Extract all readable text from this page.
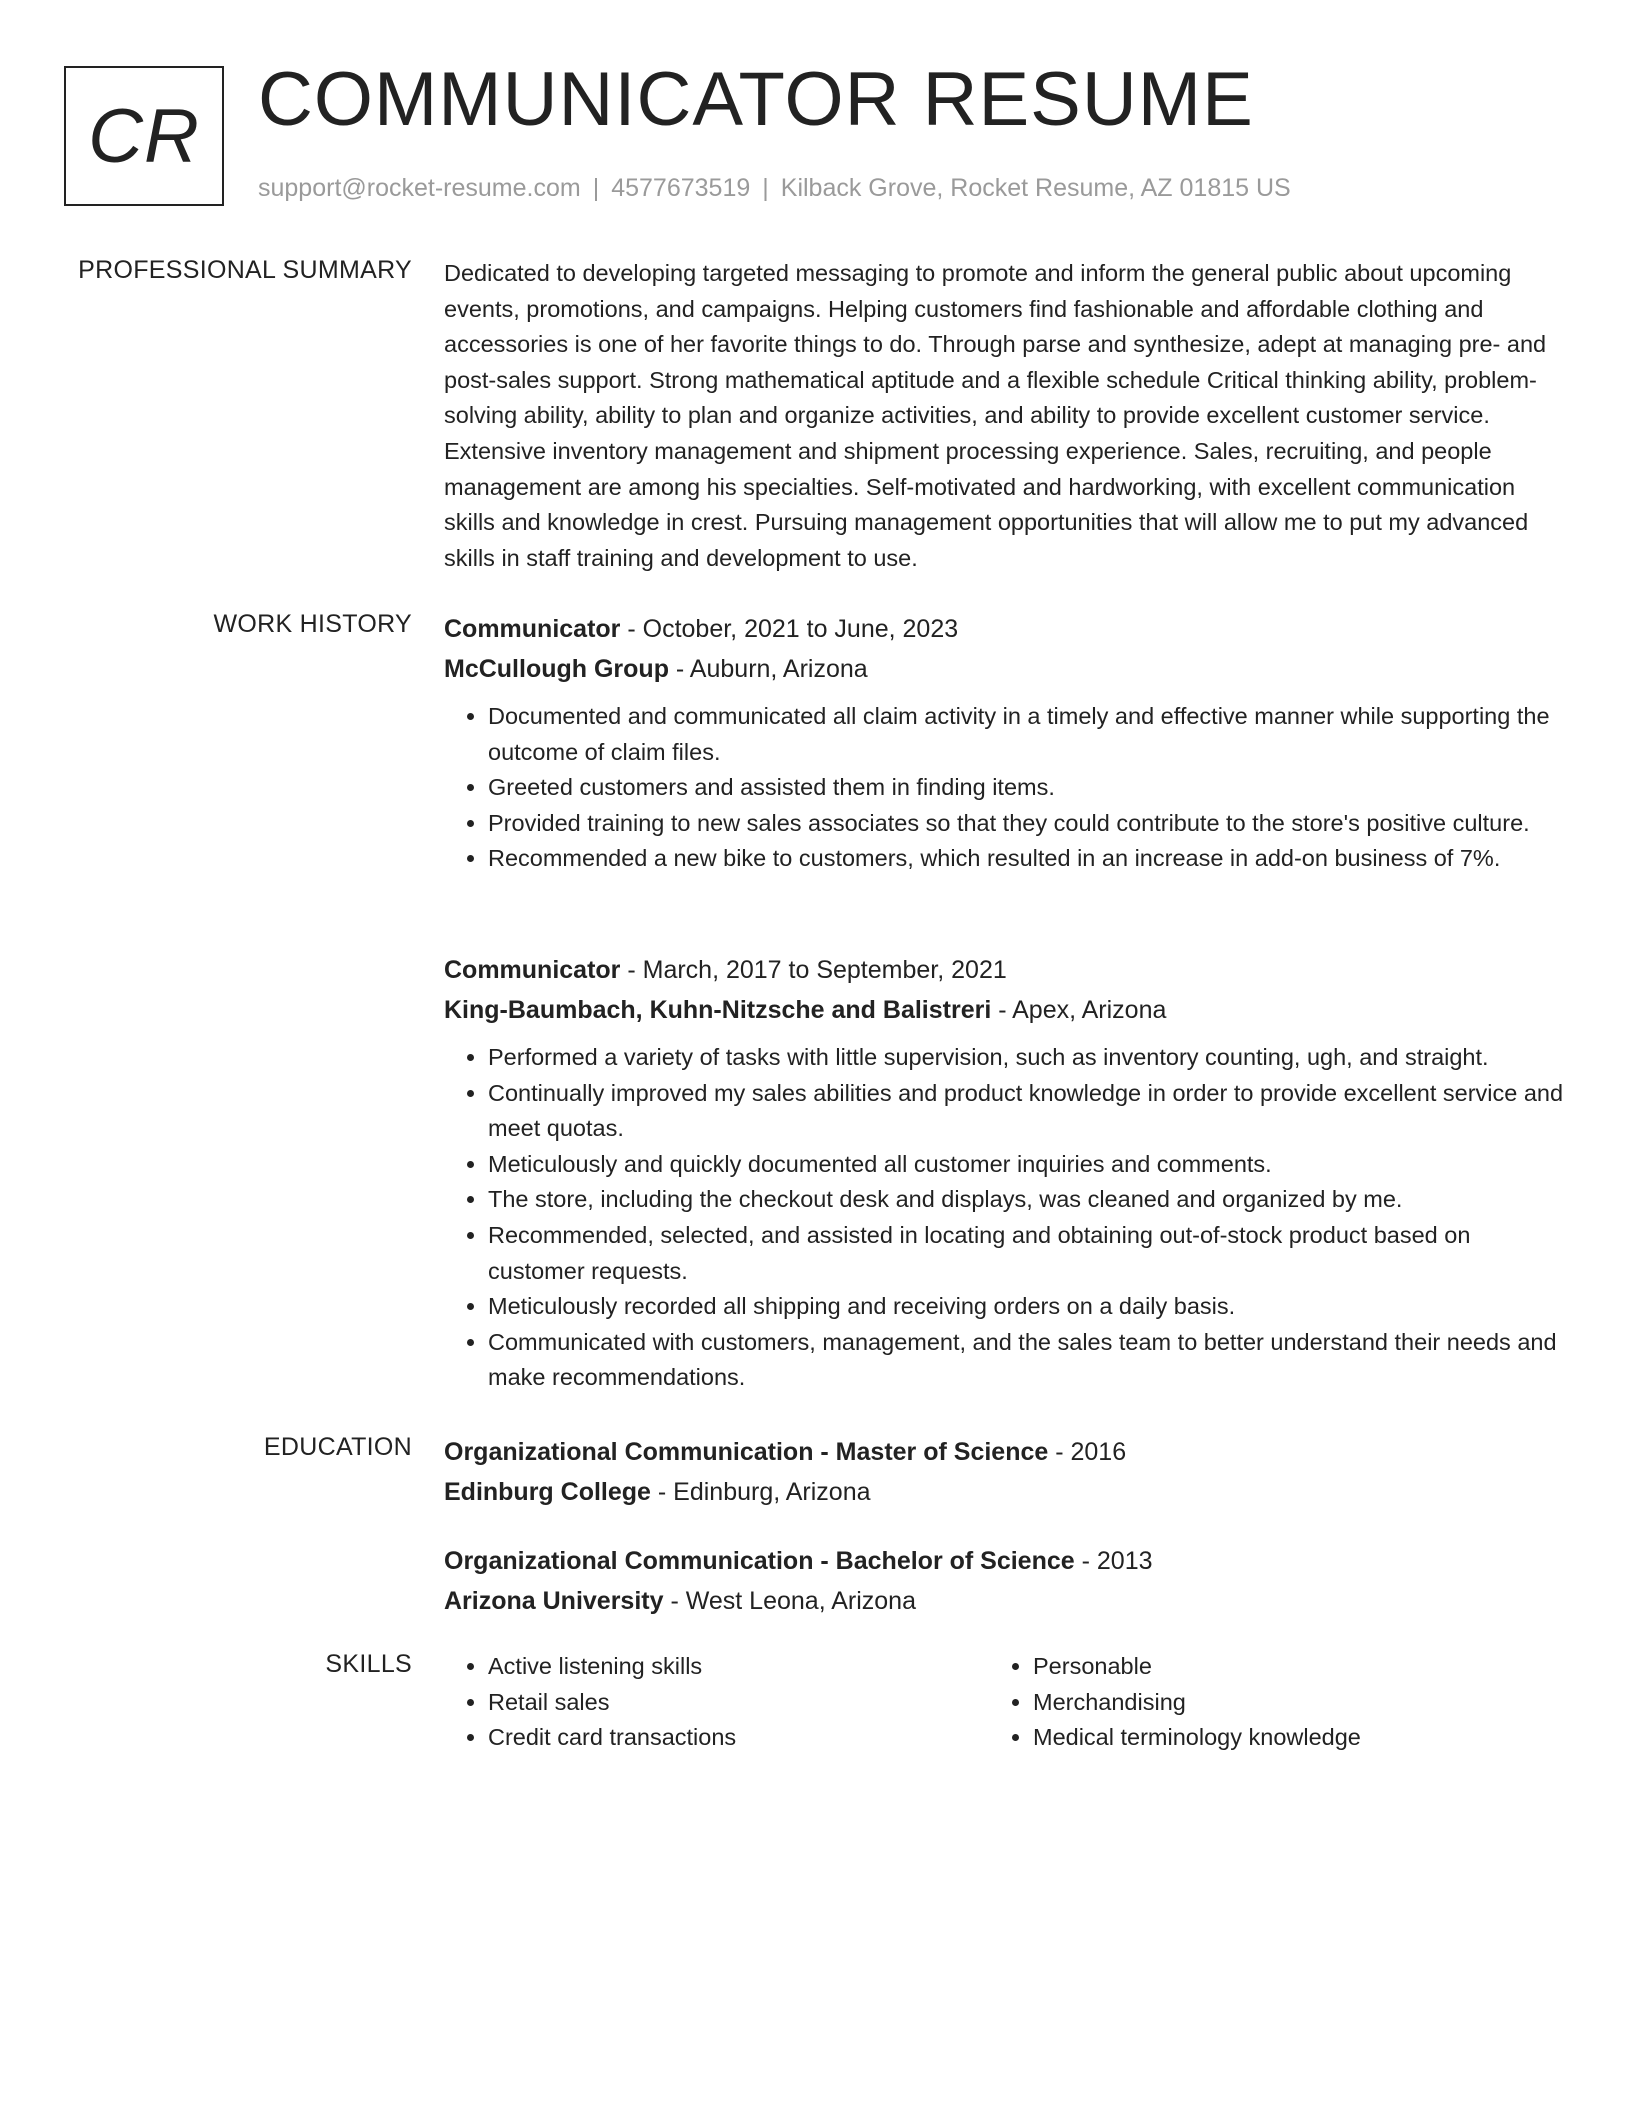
CR COMMUNICATOR RESUME
support@rocket-resume.com | 4577673519 | Kilback Grove, Rocket Resume, AZ 01815 US
PROFESSIONAL SUMMARY Dedicated to developing targeted messaging to promote and inform the general public about upcoming events, promotions, and campaigns. Helping customers find fashionable and affordable clothing and accessories is one of her favorite things to do. Through parse and synthesize, adept at managing pre- and post-sales support. Strong mathematical aptitude and a flexible schedule Critical thinking ability, problem-solving ability, ability to plan and organize activities, and ability to provide excellent customer service. Extensive inventory management and shipment processing experience. Sales, recruiting, and people management are among his specialties. Self-motivated and hardworking, with excellent communication skills and knowledge in crest. Pursuing management opportunities that will allow me to put my advanced skills in staff training and development to use.

WORK HISTORY Communicator - October, 2021 to June, 2023
McCullough Group - Auburn, Arizona
• Documented and communicated all claim activity in a timely and effective manner while supporting the outcome of claim files.
• Greeted customers and assisted them in finding items.
• Provided training to new sales associates so that they could contribute to the store's positive culture.
• Recommended a new bike to customers, which resulted in an increase in add-on business of 7%.
Communicator - March, 2017 to September, 2021
King-Baumbach, Kuhn-Nitzsche and Balistreri - Apex, Arizona
• Performed a variety of tasks with little supervision, such as inventory counting, ugh, and straight.
• Continually improved my sales abilities and product knowledge in order to provide excellent service and meet quotas.
• Meticulously and quickly documented all customer inquiries and comments.
• The store, including the checkout desk and displays, was cleaned and organized by me.
• Recommended, selected, and assisted in locating and obtaining out-of-stock product based on customer requests.
• Meticulously recorded all shipping and receiving orders on a daily basis.
• Communicated with customers, management, and the sales team to better understand their needs and make recommendations.
EDUCATION Organizational Communication - Master of Science - 2016
Edinburg College - Edinburg, Arizona
Organizational Communication - Bachelor of Science - 2013
Arizona University - West Leona, Arizona
SKILLS
•	Active listening skills
• Retail sales
• Credit card transactions
• Personable
• Merchandising
• Medical terminology knowledge
